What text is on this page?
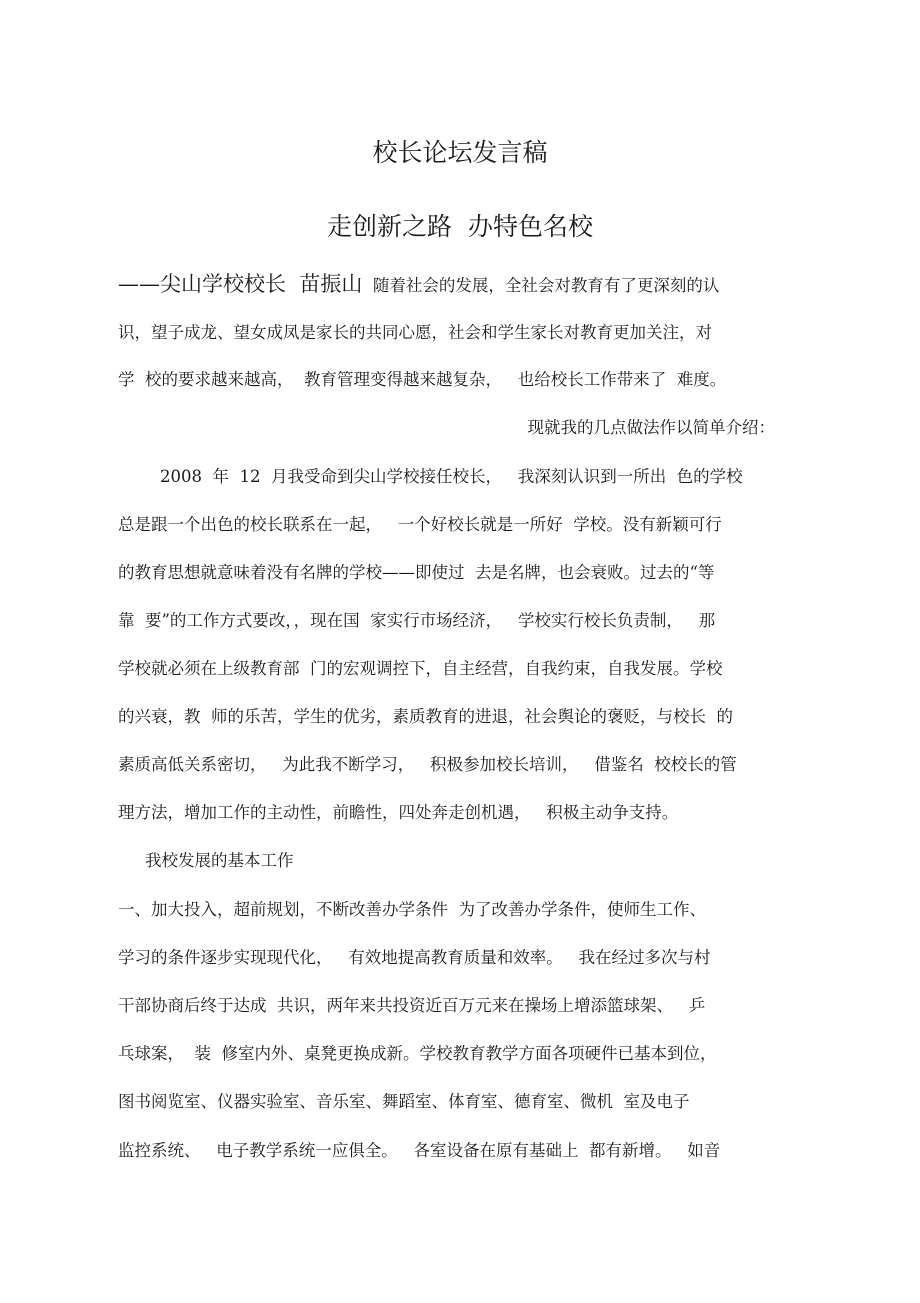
校长论坛发言稿
走创新之路  办特色名校
——尖山学校校长  苗振山  随着社会的发展，全社会对教育有了更深刻的认
识，望子成龙、望女成凤是家长的共同心愿，社会和学生家长对教育更加关注，对
学  校的要求越来越高，  教育管理变得越来越复杂，   也给校长工作带来了  难度。
现就我的几点做法作以简单介绍：
2008  年  12  月我受命到尖山学校接任校长，   我深刻认识到一所出  色的学校
总是跟一个出色的校长联系在一起，   一个好校长就是一所好  学校。没有新颖可行
的教育思想就意味着没有名牌的学校——即使过  去是名牌，也会衰败。过去的“等
靠  要”的工作方式要改，，现在国  家实行市场经济，   学校实行校长负责制，   那
学校就必须在上级教育部  门的宏观调控下，自主经营，自我约束，自我发展。学校
的兴衰，教  师的乐苦，学生的优劣，素质教育的进退，社会舆论的褒贬，与校长  的
素质高低关系密切，   为此我不断学习，   积极参加校长培训，   借鉴名  校校长的管
理方法，增加工作的主动性，前瞻性，四处奔走创机遇，   积极主动争支持。
我校发展的基本工作
一、加大投入，超前规划，不断改善办学条件  为了改善办学条件，使师生工作、
学习的条件逐步实现现代化，   有效地提高教育质量和效率。   我在经过多次与村
干部协商后终于达成  共识，两年来共投资近百万元来在操场上增添篮球架、   乒
乓球案，  装  修室内外、桌凳更换成新。学校教育教学方面各项硬件已基本到位，
图书阅览室、仪器实验室、音乐室、舞蹈室、体育室、德育室、微机  室及电子
监控系统、   电子教学系统一应俱全。   各室设备在原有基础上  都有新增。   如音
